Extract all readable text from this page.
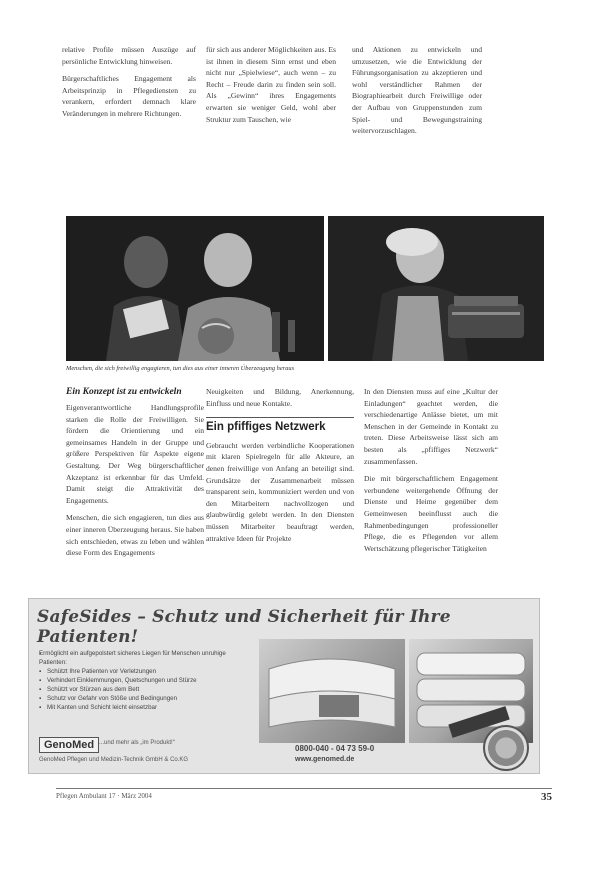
relative Profile müssen Auszüge auf persönliche Entwicklung hinweisen.

Bürgerschaftliches Engagement als Arbeitsprinzip in Pflegediensten zu verankern, erfordert demnach klare Veränderungen in mehrere Richtungen.

für sich aus anderer Möglichkeiten aus. Es ist ihnen in diesem Sinn ernst und eben nicht nur „Spielwiese“, auch wenn – zu Recht – Freude darin zu finden sein soll. Als „Gewinn“ ihres Engagements erwarten sie weniger Geld, wohl aber Struktur zum Tauschen, wie

und Aktionen zu entwickeln und umzusetzen, wie die Entwicklung der Führungsorganisation zu akzeptieren und wohl verständlicher Rahmen der Biographiearbeit durch Freiwillige oder der Aufbau von Gruppenstunden zum Spiel- und Bewegungstraining weitervorzuschlagen.

Menschen, die sich freiwillig engagieren, tun dies aus einer inneren Überzeugung heraus
Ein Konzept ist zu entwickeln

Eigenverantwortliche Handlungsprofile starken die Rolle der Freiwilligen. Sie fördern die Orientierung und ein gemeinsames Handeln in der Gruppe und größere Perspektiven für Aspekte eigene Gestaltung. Der Weg bürgerschaftlicher Akzeptanz ist erkennbar für das Umfeld. Damit steigt die Attraktivität des Engagements.

Menschen, die sich engagieren, tun dies aus einer inneren Überzeugung heraus. Sie haben sich entschieden, etwas zu leben und wählen diese Form des Engagements

Neuigkeiten und Bildung, Anerkennung, Einfluss und neue Kontakte.

Ein pfiffiges Netzwerk

Gebraucht werden verbindliche Kooperationen mit klaren Spielregeln für alle Akteure, an denen freiwillige von Anfang an beteiligt sind. Grundsätze der Zusammenarbeit müssen transparent sein, kommuniziert werden und von den Mitarbeitern nachvollzogen und glaubwürdig gelebt werden. In den Diensten müssen Mitarbeiter beauftragt werden, attraktive Ideen für Projekte

In den Diensten muss auf eine „Kultur der Einladungen“ geachtet werden, die verschiedenartige Anlässe bietet, um mit Menschen in der Gemeinde in Kontakt zu treten. Diese Arbeitsweise lässt sich am besten als „pfiffiges Netzwerk“ zusammenfassen.

Die mit bürgerschaftlichem Engagement verbundene weitergehende Öffnung der Dienste und Heime gegenüber dem Gemeinwesen beeinflusst auch die Rahmenbedingungen professioneller Pflege, die es Pflegenden vor allem Wertschätzung pflegerischer Tätigkeiten

SafeSides – Schutz und Sicherheit für Ihre Patienten!
▪ Ermöglicht ein aufgepolstert sicheres Liegen für Menschen unruhige Patienten:
▪ Schützt Ihre Patienten vor Verletzungen
▪ Verhindert Einklemmungen, Quetschungen und Stürze
▪ Schützt vor Stürzen aus dem Bett
▪ Schutz vor Gefahr von Stöße und Bedingungen
▪ Mit Kanten und Schicht leicht einsetzbar
GenoMed ...und mehr als „im Produkt!“
GenoMed Pflegen und Medizin-Technik GmbH & Co.KG
0800-040 - 04 73 59-0
www.genomed.de
Pflegen Ambulant 17 · März 2004	35
